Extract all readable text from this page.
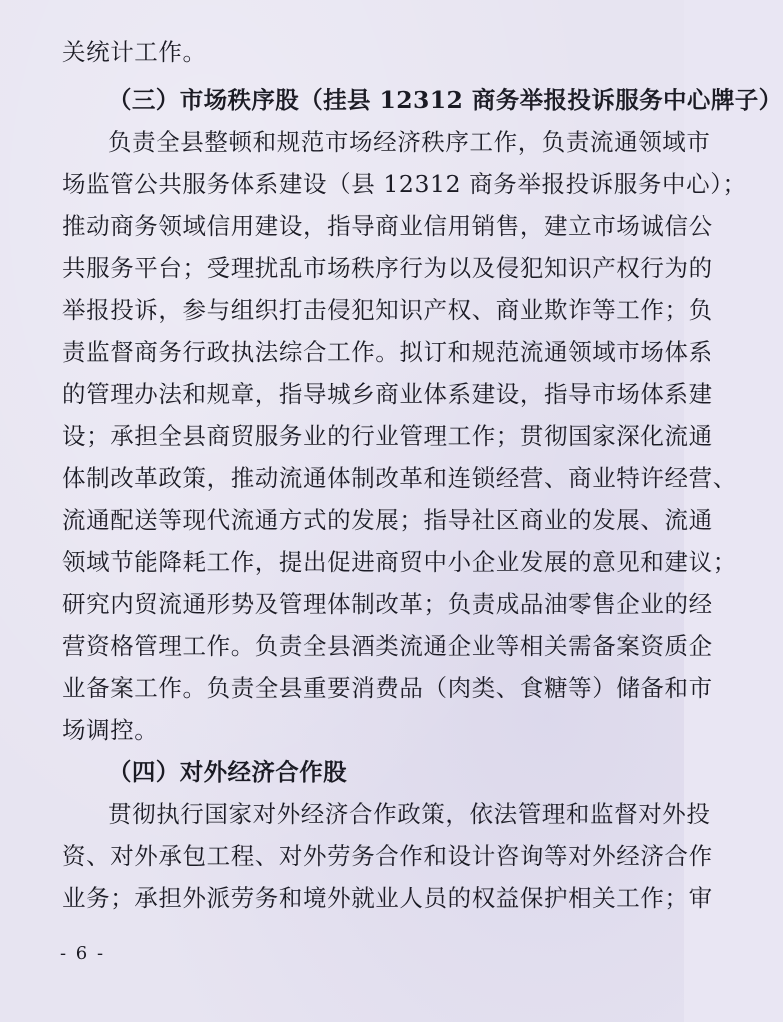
关统计工作。
（三）市场秩序股（挂县 12312 商务举报投诉服务中心牌子）
负责全县整顿和规范市场经济秩序工作，负责流通领域市
场监管公共服务体系建设（县 12312 商务举报投诉服务中心）；
推动商务领域信用建设，指导商业信用销售，建立市场诚信公
共服务平台；受理扰乱市场秩序行为以及侵犯知识产权行为的
举报投诉，参与组织打击侵犯知识产权、商业欺诈等工作；负
责监督商务行政执法综合工作。拟订和规范流通领域市场体系
的管理办法和规章，指导城乡商业体系建设，指导市场体系建
设；承担全县商贸服务业的行业管理工作；贯彻国家深化流通
体制改革政策，推动流通体制改革和连锁经营、商业特许经营、
流通配送等现代流通方式的发展；指导社区商业的发展、流通
领域节能降耗工作，提出促进商贸中小企业发展的意见和建议；
研究内贸流通形势及管理体制改革；负责成品油零售企业的经
营资格管理工作。负责全县酒类流通企业等相关需备案资质企
业备案工作。负责全县重要消费品（肉类、食糖等）储备和市
场调控。
（四）对外经济合作股
贯彻执行国家对外经济合作政策，依法管理和监督对外投
资、对外承包工程、对外劳务合作和设计咨询等对外经济合作
业务；承担外派劳务和境外就业人员的权益保护相关工作；审
- 6 -
